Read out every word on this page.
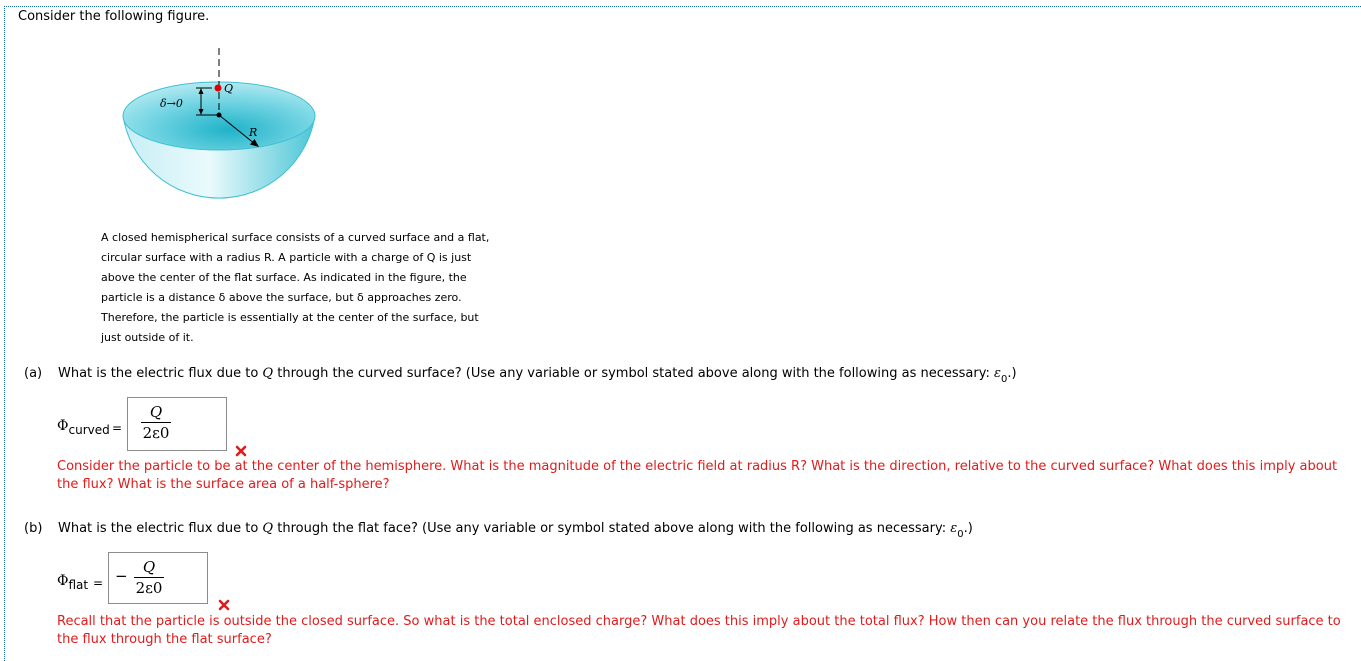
Consider the following figure.
δ→0
Q
R
A closed hemispherical surface consists of a curved surface and a flat, circular surface with a radius R. A particle with a charge of Q is just above the center of the flat surface. As indicated in the figure, the particle is a distance δ above the surface, but δ approaches zero. Therefore, the particle is essentially at the center of the surface, but just outside of it.
(a)	What is the electric flux due to Q through the curved surface? (Use any variable or symbol stated above along with the following as necessary: $\varepsilon_0$.)
Φcurved =
Q
2ε0
Consider the particle to be at the center of the hemisphere. What is the magnitude of the electric field at radius R? What is the direction, relative to the curved surface? What does this imply about the flux? What is the surface area of a half-sphere?
(b)	What is the electric flux due to Q through the flat face? (Use any variable or symbol stated above along with the following as necessary: $\varepsilon_0$.)
Φflat = −	Q
2ε0
Recall that the particle is outside the closed surface. So what is the total enclosed charge? What does this imply about the total flux? How then can you relate the flux through the curved surface to the flux through the flat surface?
